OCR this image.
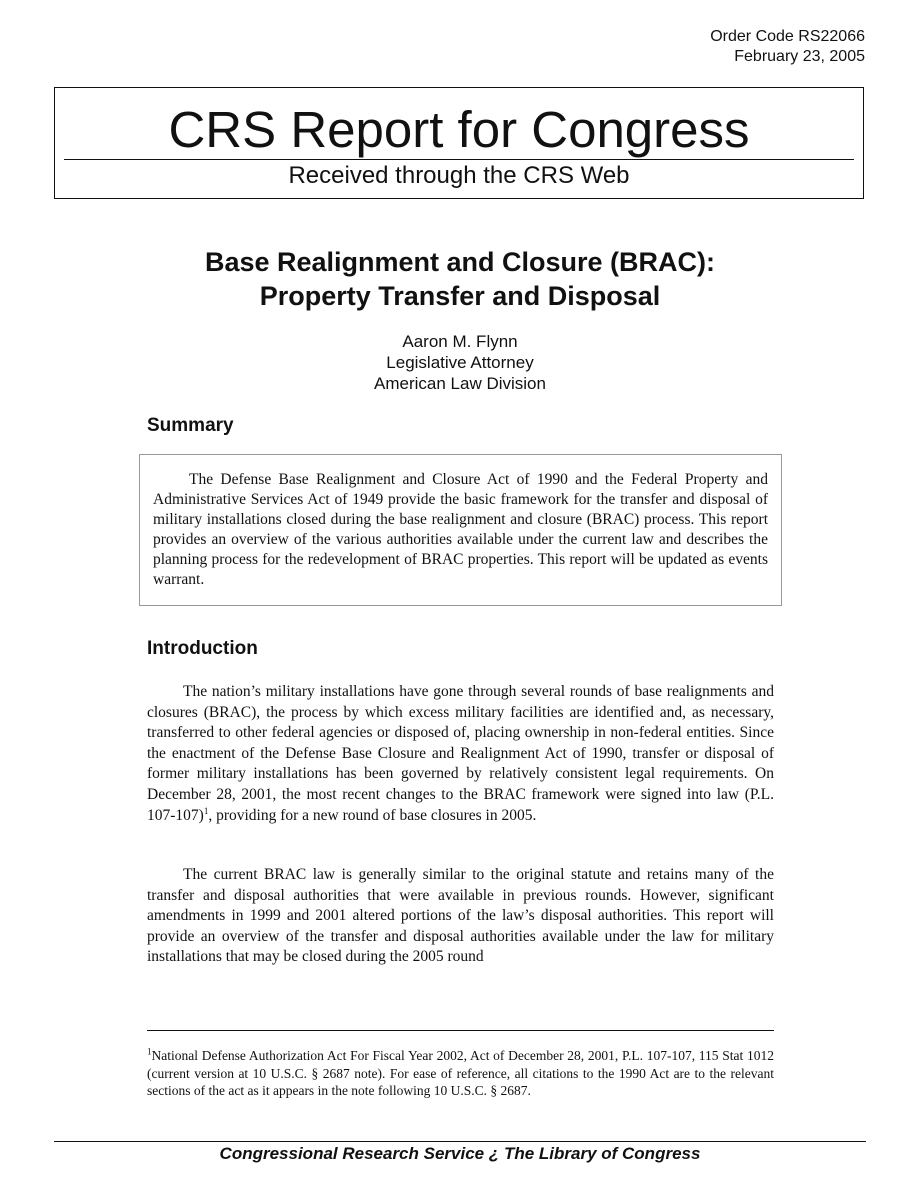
Order Code RS22066
February 23, 2005
CRS Report for Congress
Received through the CRS Web
Base Realignment and Closure (BRAC):
Property Transfer and Disposal
Aaron M. Flynn
Legislative Attorney
American Law Division
Summary

The Defense Base Realignment and Closure Act of 1990 and the Federal Property and Administrative Services Act of 1949 provide the basic framework for the transfer and disposal of military installations closed during the base realignment and closure (BRAC) process. This report provides an overview of the various authorities available under the current law and describes the planning process for the redevelopment of BRAC properties. This report will be updated as events warrant.

Introduction

The nation’s military installations have gone through several rounds of base realignments and closures (BRAC), the process by which excess military facilities are identified and, as necessary, transferred to other federal agencies or disposed of, placing ownership in non-federal entities. Since the enactment of the Defense Base Closure and Realignment Act of 1990, transfer or disposal of former military installations has been governed by relatively consistent legal requirements. On December 28, 2001, the most recent changes to the BRAC framework were signed into law (P.L. 107-107)$^1$, providing for a new round of base closures in 2005.

The current BRAC law is generally similar to the original statute and retains many of the transfer and disposal authorities that were available in previous rounds. However, significant amendments in 1999 and 2001 altered portions of the law’s disposal authorities. This report will provide an overview of the transfer and disposal authorities available under the law for military installations that may be closed during the 2005 round

$^1$National Defense Authorization Act For Fiscal Year 2002, Act of December 28, 2001, P.L. 107-107, 115 Stat 1012 (current version at 10 U.S.C. § 2687 note). For ease of reference, all citations to the 1990 Act are to the relevant sections of the act as it appears in the note following 10 U.S.C. § 2687.

Congressional Research Service ¿ The Library of Congress
